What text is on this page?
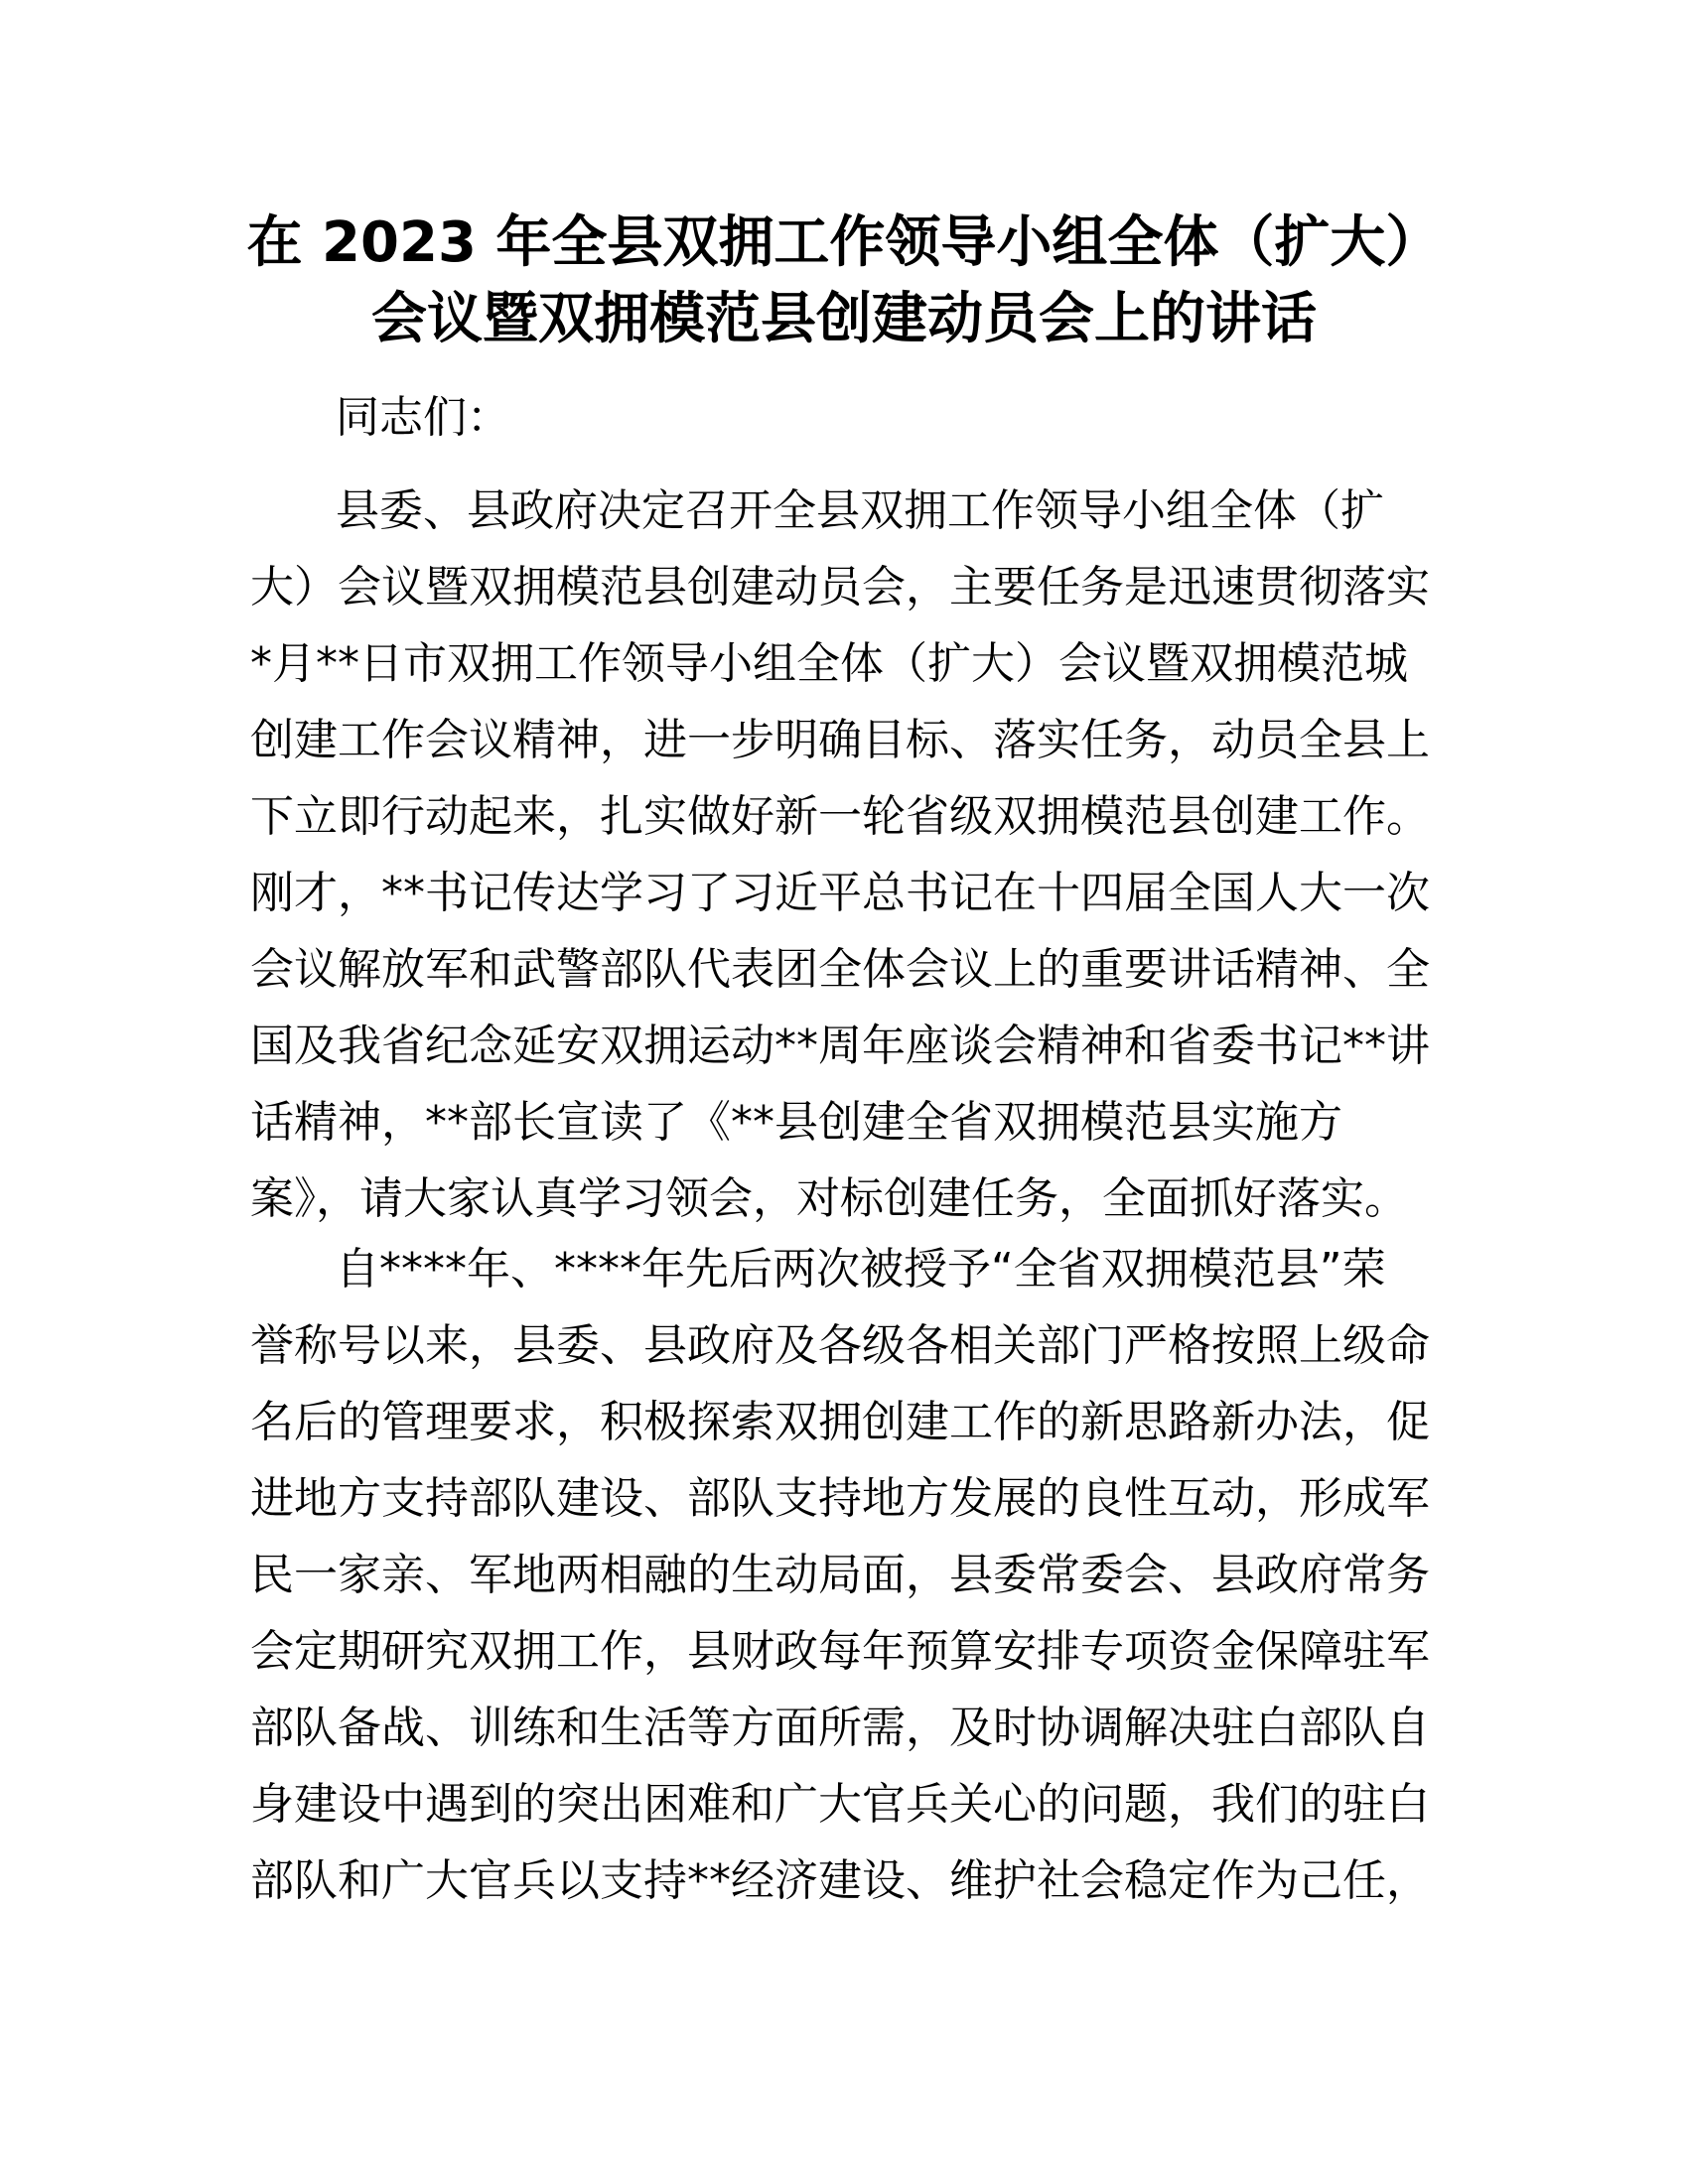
在 2023 年全县双拥工作领导小组全体（扩大）
会议暨双拥模范县创建动员会上的讲话
同志们：
县委、县政府决定召开全县双拥工作领导小组全体（扩
大）会议暨双拥模范县创建动员会，主要任务是迅速贯彻落实
*月**日市双拥工作领导小组全体（扩大）会议暨双拥模范城
创建工作会议精神，进一步明确目标、落实任务，动员全县上
下立即行动起来，扎实做好新一轮省级双拥模范县创建工作。
刚才，**书记传达学习了习近平总书记在十四届全国人大一次
会议解放军和武警部队代表团全体会议上的重要讲话精神、全
国及我省纪念延安双拥运动**周年座谈会精神和省委书记**讲
话精神，**部长宣读了《**县创建全省双拥模范县实施方
案》，请大家认真学习领会，对标创建任务，全面抓好落实。
自****年、****年先后两次被授予“全省双拥模范县”荣
誉称号以来，县委、县政府及各级各相关部门严格按照上级命
名后的管理要求，积极探索双拥创建工作的新思路新办法，促
进地方支持部队建设、部队支持地方发展的良性互动，形成军
民一家亲、军地两相融的生动局面，县委常委会、县政府常务
会定期研究双拥工作，县财政每年预算安排专项资金保障驻军
部队备战、训练和生活等方面所需，及时协调解决驻白部队自
身建设中遇到的突出困难和广大官兵关心的问题，我们的驻白
部队和广大官兵以支持**经济建设、维护社会稳定作为己任，
